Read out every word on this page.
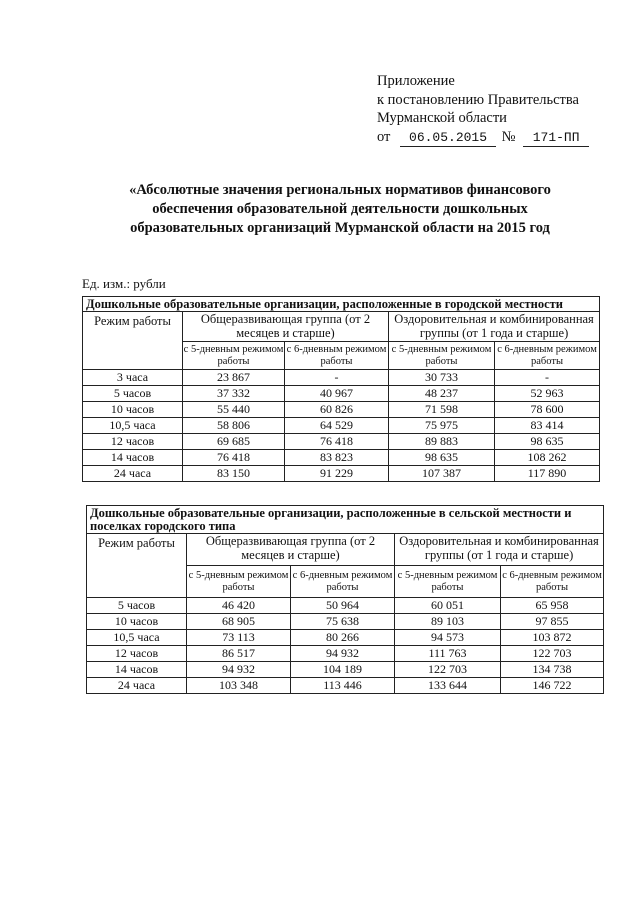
Приложение
к постановлению Правительства
Мурманской области
от 06.05.2015 № 171-ПП
«Абсолютные значения региональных нормативов финансового обеспечения образовательной деятельности дошкольных образовательных организаций Мурманской области на 2015 год
Ед. изм.: рубли
Дошкольные образовательные организации, расположенные в городской местности				
Режим работы	Общеразвивающая группа (от 2 месяцев и старше)		Оздоровительная и комбинированная группы (от 1 года и старше)	
	с 5-дневным режимом работы	с 6-дневным режимом работы	с 5-дневным режимом работы	с 6-дневным режимом работы
3 часа	23 867	-	30 733	-
5 часов	37 332	40 967	48 237	52 963
10 часов	55 440	60 826	71 598	78 600
10,5 часа	58 806	64 529	75 975	83 414
12 часов	69 685	76 418	89 883	98 635
14 часов	76 418	83 823	98 635	108 262
24 часа	83 150	91 229	107 387	117 890
Дошкольные образовательные организации, расположенные в сельской местности и поселках городского типа				
Режим работы	Общеразвивающая группа (от 2 месяцев и старше)		Оздоровительная и комбинированная группы (от 1 года и старше)	
	с 5-дневным режимом работы	с 6-дневным режимом работы	с 5-дневным режимом работы	с 6-дневным режимом работы
5 часов	46 420	50 964	60 051	65 958
10 часов	68 905	75 638	89 103	97 855
10,5 часа	73 113	80 266	94 573	103 872
12 часов	86 517	94 932	111 763	122 703
14 часов	94 932	104 189	122 703	134 738
24 часа	103 348	113 446	133 644	146 722
